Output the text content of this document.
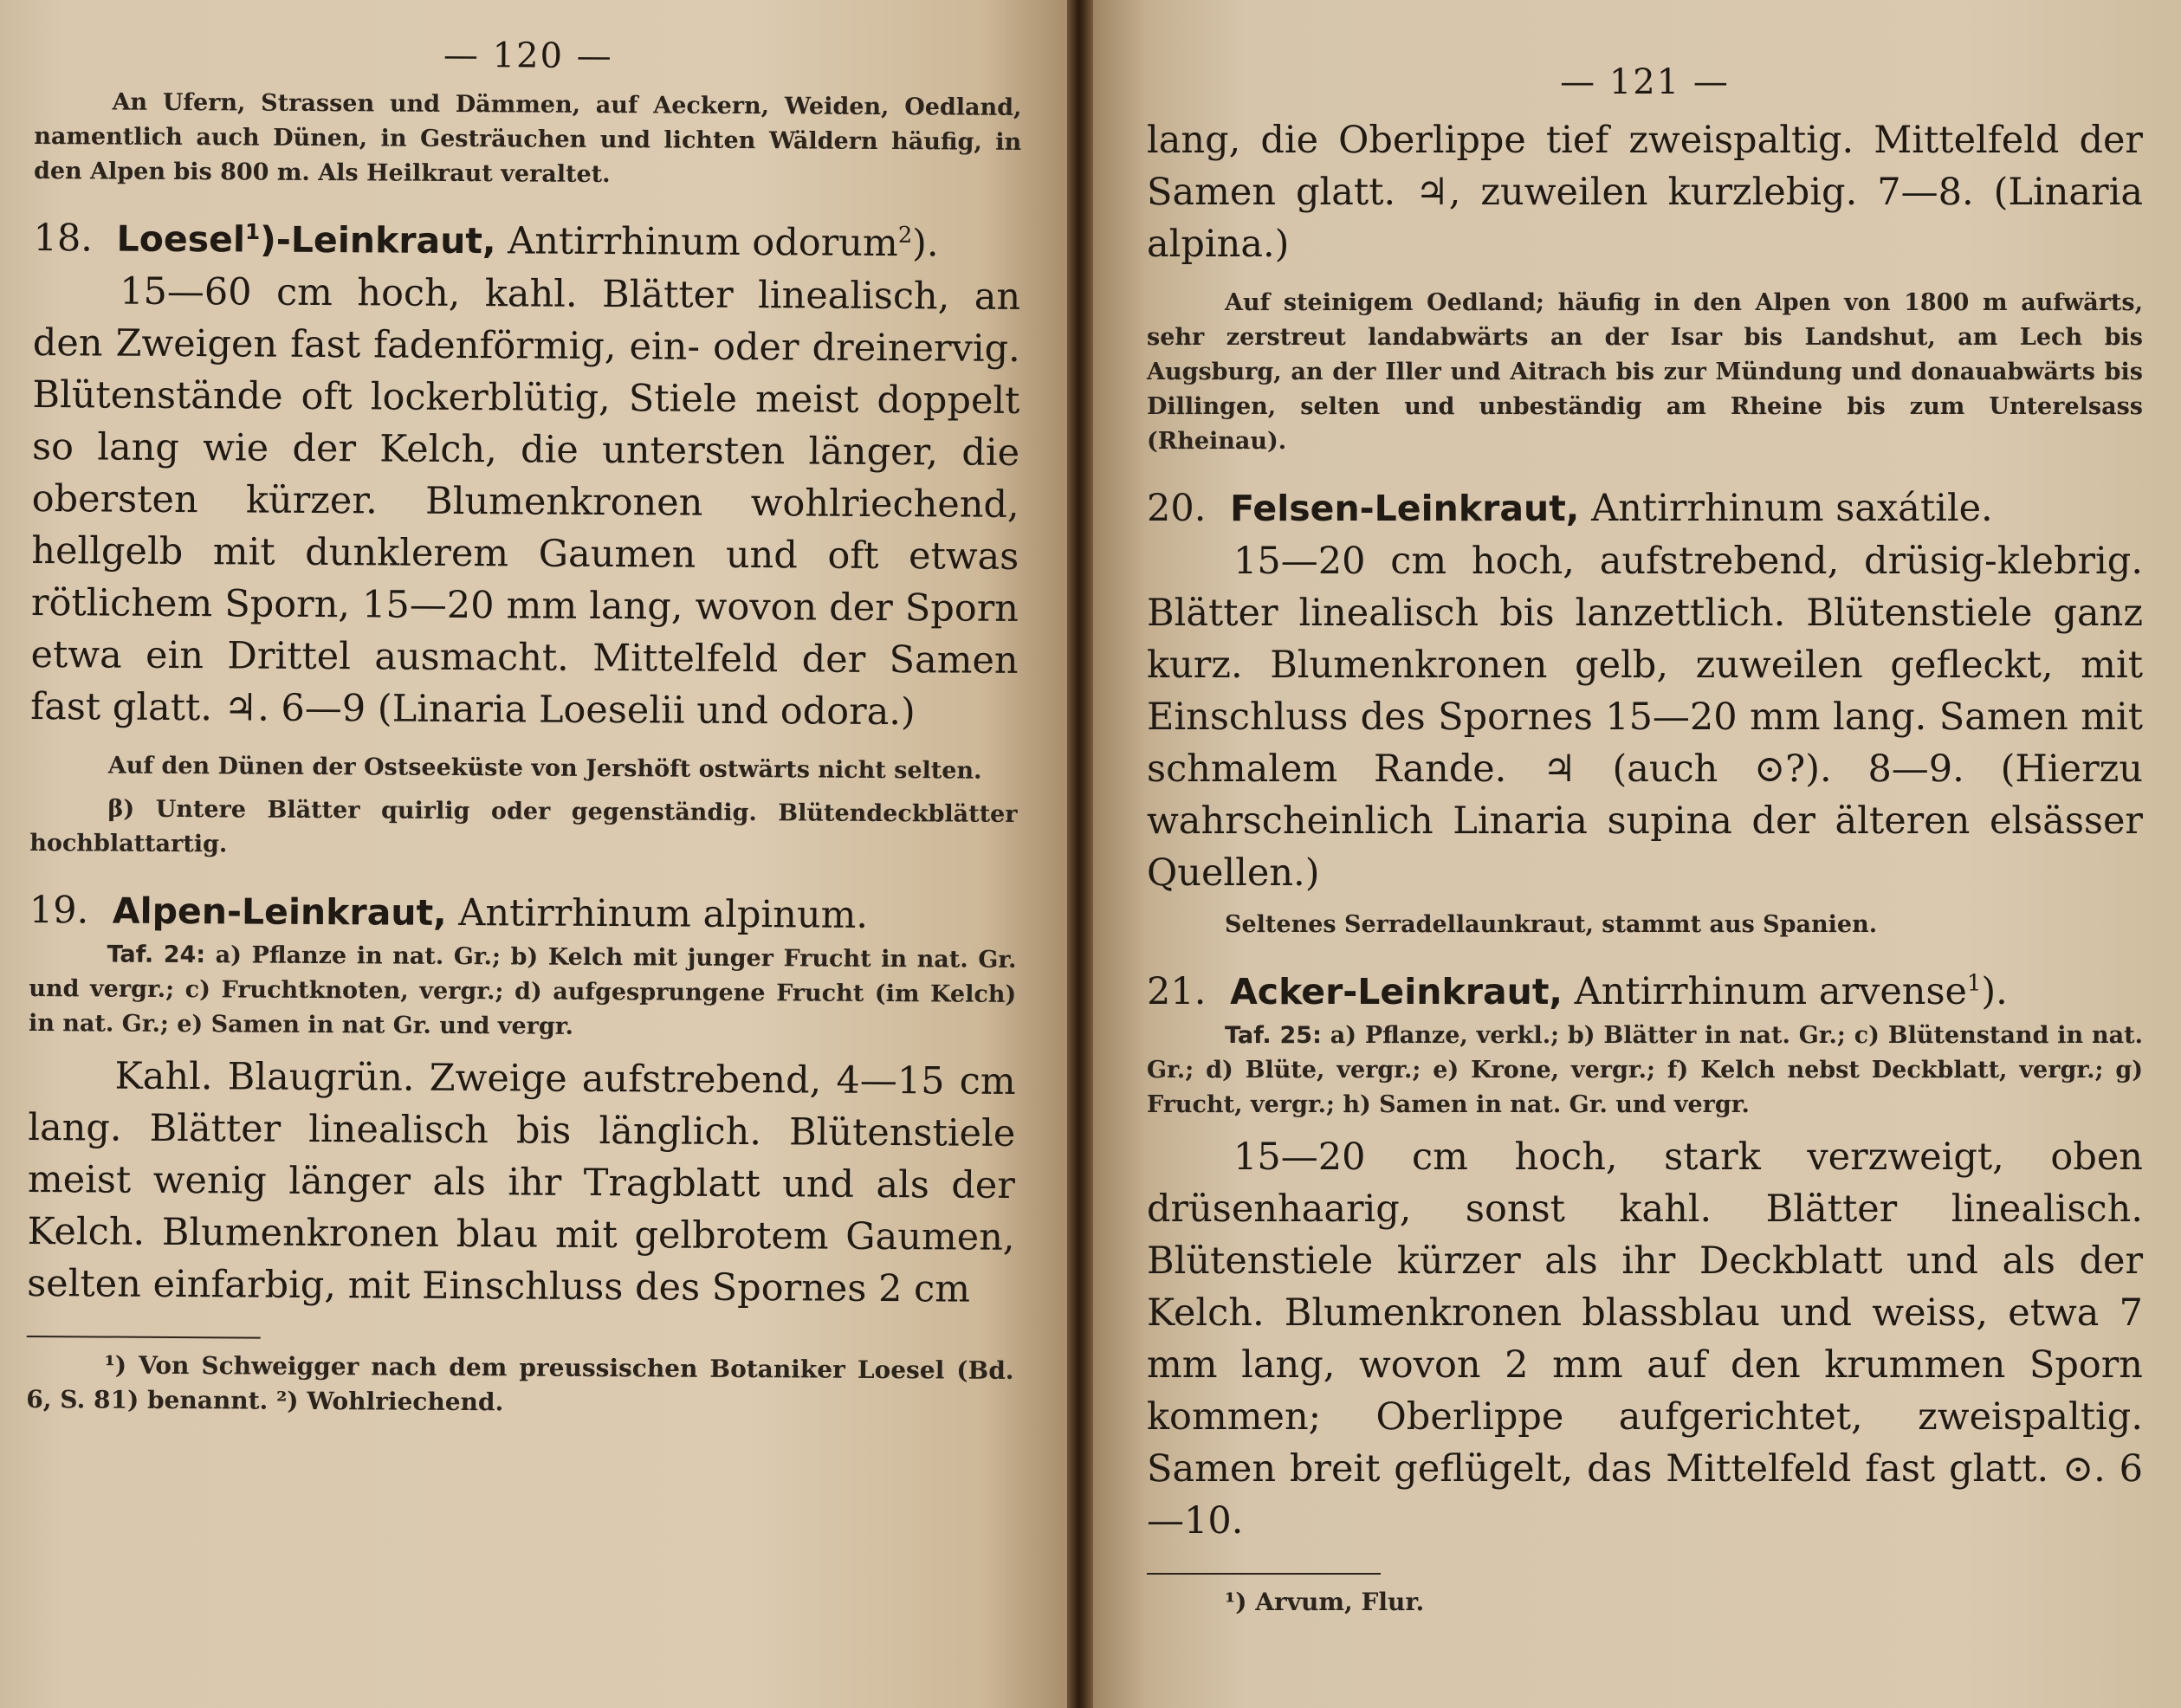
— 120 —

An Ufern, Strassen und Dämmen, auf Aeckern, Weiden, Oedland, namentlich auch Dünen, in Gesträuchen und lichten Wäldern häufig, in den Alpen bis 800 m. Als Heilkraut veraltet.

18. Loesel$^1$)-Leinkraut, Antirrhinum odorum$^2$).

15—60 cm hoch, kahl. Blätter linealisch, an den Zweigen fast fadenförmig, ein- oder dreinervig. Blütenstände oft lockerblütig, Stiele meist doppelt so lang wie der Kelch, die untersten länger, die obersten kürzer. Blumenkronen wohlriechend, hellgelb mit dunklerem Gaumen und oft etwas rötlichem Sporn, 15—20 mm lang, wovon der Sporn etwa ein Drittel ausmacht. Mittelfeld der Samen fast glatt. ♃. 6—9 (Linaria Loeselii und odora.)

Auf den Dünen der Ostseeküste von Jershöft ostwärts nicht selten.

β) Untere Blätter quirlig oder gegenständig. Blütendeckblätter hochblattartig.

19. Alpen-Leinkraut, Antirrhinum alpinum.

Taf. 24: a) Pflanze in nat. Gr.; b) Kelch mit junger Frucht in nat. Gr. und vergr.; c) Fruchtknoten, vergr.; d) aufgesprungene Frucht (im Kelch) in nat. Gr.; e) Samen in nat Gr. und vergr.

Kahl. Blaugrün. Zweige aufstrebend, 4—15 cm lang. Blätter linealisch bis länglich. Blütenstiele meist wenig länger als ihr Tragblatt und als der Kelch. Blumenkronen blau mit gelbrotem Gaumen, selten einfarbig, mit Einschluss des Spornes 2 cm

¹) Von Schweigger nach dem preussischen Botaniker Loesel (Bd. 6, S. 81) benannt. ²) Wohlriechend.

— 121 —

lang, die Oberlippe tief zweispaltig. Mittelfeld der Samen glatt. ♃, zuweilen kurzlebig. 7—8. (Linaria alpina.)

Auf steinigem Oedland; häufig in den Alpen von 1800 m aufwärts, sehr zerstreut landabwärts an der Isar bis Landshut, am Lech bis Augsburg, an der Iller und Aitrach bis zur Mündung und donauabwärts bis Dillingen, selten und unbeständig am Rheine bis zum Unterelsass (Rheinau).

20. Felsen-Leinkraut, Antirrhinum saxátile.

15—20 cm hoch, aufstrebend, drüsig-klebrig. Blätter linealisch bis lanzettlich. Blütenstiele ganz kurz. Blumenkronen gelb, zuweilen gefleckt, mit Einschluss des Spornes 15—20 mm lang. Samen mit schmalem Rande. ♃ (auch ⊙?). 8—9. (Hierzu wahrscheinlich Linaria supina der älteren elsässer Quellen.)

Seltenes Serradellaunkraut, stammt aus Spanien.

21. Acker-Leinkraut, Antirrhinum arvense$^1$).

Taf. 25: a) Pflanze, verkl.; b) Blätter in nat. Gr.; c) Blütenstand in nat. Gr.; d) Blüte, vergr.; e) Krone, vergr.; f) Kelch nebst Deckblatt, vergr.; g) Frucht, vergr.; h) Samen in nat. Gr. und vergr.

15—20 cm hoch, stark verzweigt, oben drüsenhaarig, sonst kahl. Blätter linealisch. Blütenstiele kürzer als ihr Deckblatt und als der Kelch. Blumenkronen blassblau und weiss, etwa 7 mm lang, wovon 2 mm auf den krummen Sporn kommen; Oberlippe aufgerichtet, zweispaltig. Samen breit geflügelt, das Mittelfeld fast glatt. ⊙. 6—10.

¹) Arvum, Flur.
